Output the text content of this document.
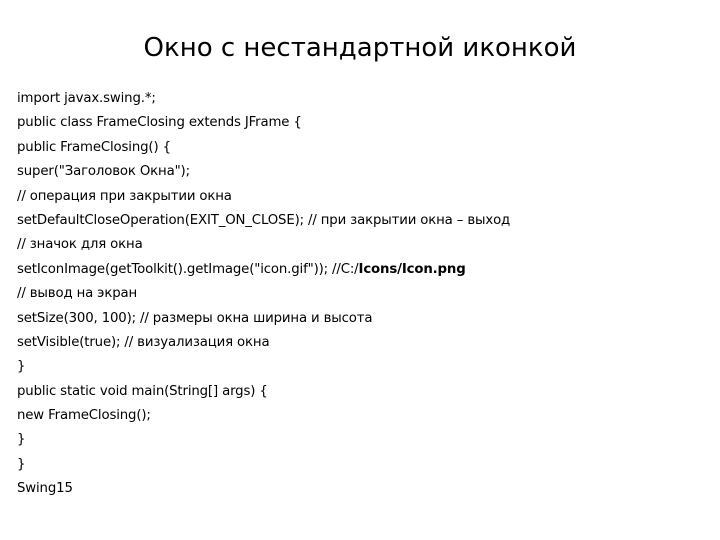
Окно с нестандартной иконкой
import javax.swing.*;
public class FrameClosing extends JFrame {
public FrameClosing() {
super("Заголовок Окна");
// операция при закрытии окна
setDefaultCloseOperation(EXIT_ON_CLOSE); // при закрытии окна – выход
// значок для окна
setIconImage(getToolkit().getImage("icon.gif")); //C:/Icons/Icon.png
// вывод на экран
setSize(300, 100); // размеры окна ширина и высота
setVisible(true); // визуализация окна
}
public static void main(String[] args) {
new FrameClosing();
}
}
Swing15
